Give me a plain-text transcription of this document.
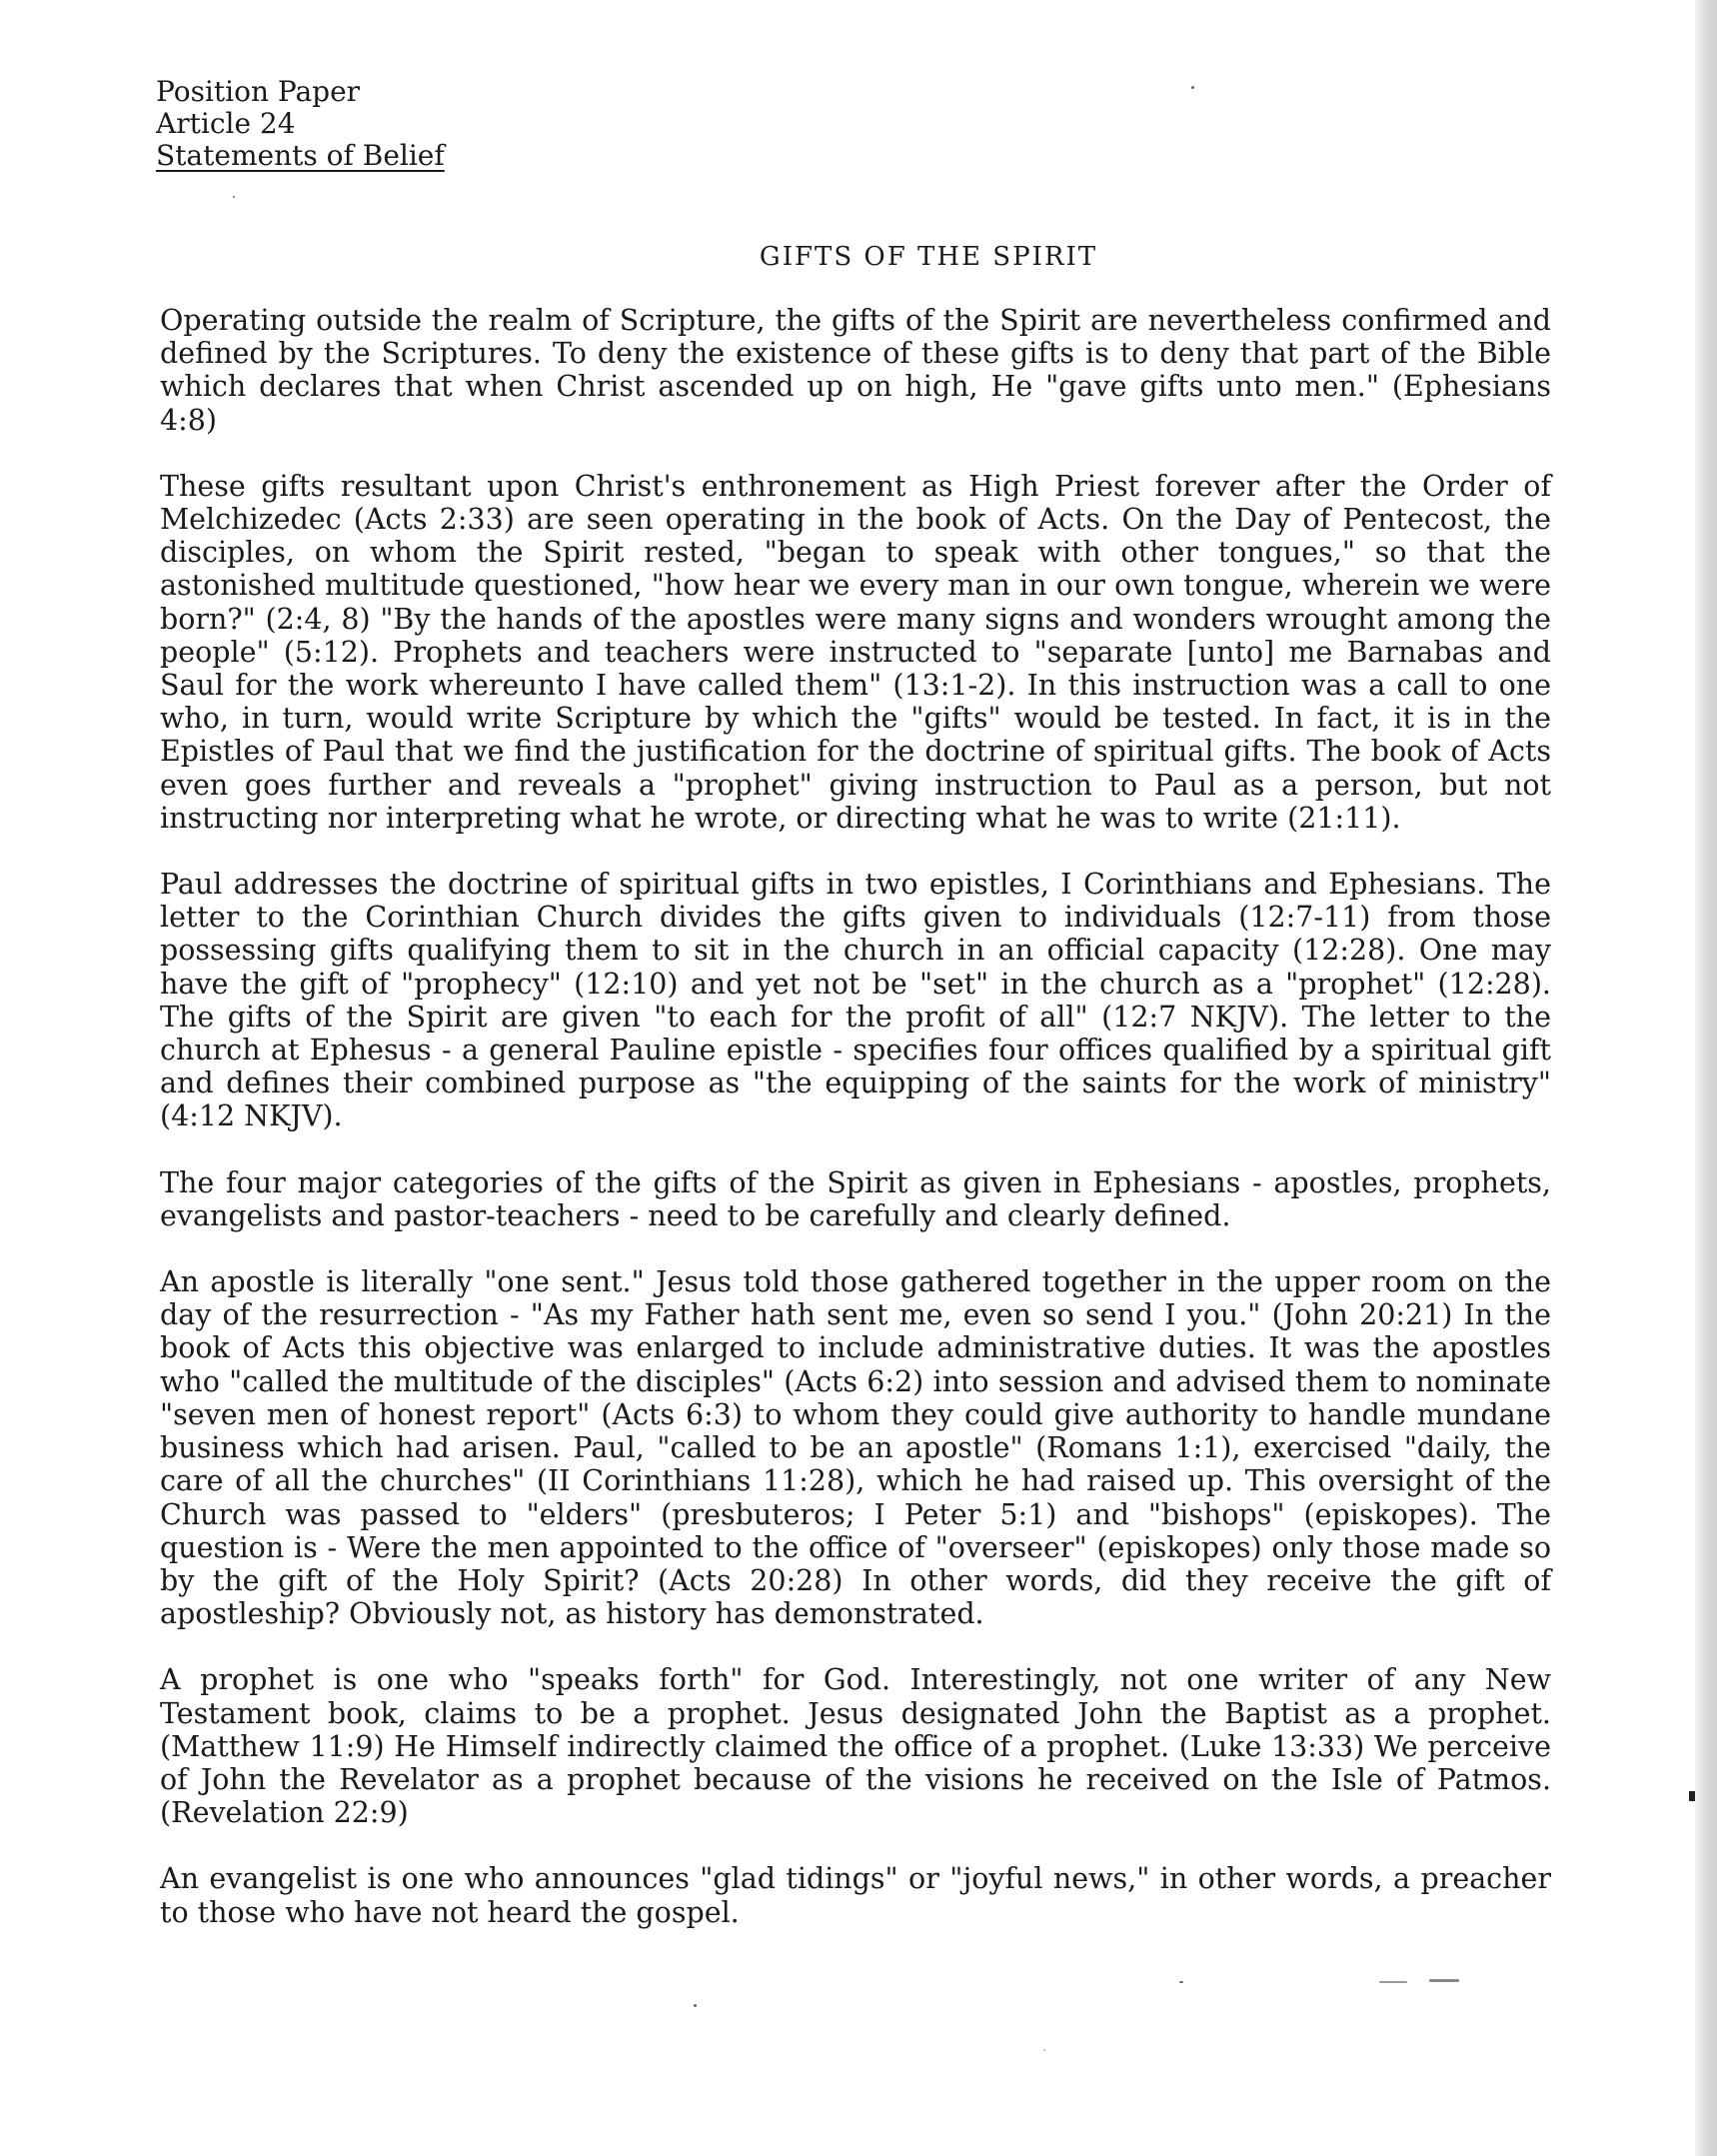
Position Paper
Article 24
Statements of Belief
GIFTS OF THE SPIRIT

Operating outside the realm of Scripture, the gifts of the Spirit are nevertheless confirmed and defined by the Scriptures. To deny the existence of these gifts is to deny that part of the Bible which declares that when Christ ascended up on high, He "gave gifts unto men." (Ephesians 4:8)

These gifts resultant upon Christ's enthronement as High Priest forever after the Order of Melchizedec (Acts 2:33) are seen operating in the book of Acts. On the Day of Pentecost, the disciples, on whom the Spirit rested, "began to speak with other tongues," so that the astonished multitude questioned, "how hear we every man in our own tongue, wherein we were born?" (2:4, 8) "By the hands of the apostles were many signs and wonders wrought among the people" (5:12). Prophets and teachers were instructed to "separate [unto] me Barnabas and Saul for the work whereunto I have called them" (13:1-2). In this instruction was a call to one who, in turn, would write Scripture by which the "gifts" would be tested. In fact, it is in the Epistles of Paul that we find the justification for the doctrine of spiritual gifts. The book of Acts even goes further and reveals a "prophet" giving instruction to Paul as a person, but not instructing nor interpreting what he wrote, or directing what he was to write (21:11).

Paul addresses the doctrine of spiritual gifts in two epistles, I Corinthians and Ephesians. The letter to the Corinthian Church divides the gifts given to individuals (12:7-11) from those possessing gifts qualifying them to sit in the church in an official capacity (12:28). One may have the gift of "prophecy" (12:10) and yet not be "set" in the church as a "prophet" (12:28). The gifts of the Spirit are given "to each for the profit of all" (12:7 NKJV). The letter to the church at Ephesus - a general Pauline epistle - specifies four offices qualified by a spiritual gift and defines their combined purpose as "the equipping of the saints for the work of ministry" (4:12 NKJV).

The four major categories of the gifts of the Spirit as given in Ephesians - apostles, prophets, evangelists and pastor-teachers - need to be carefully and clearly defined.

An apostle is literally "one sent." Jesus told those gathered together in the upper room on the day of the resurrection - "As my Father hath sent me, even so send I you." (John 20:21) In the book of Acts this objective was enlarged to include administrative duties. It was the apostles who "called the multitude of the disciples" (Acts 6:2) into session and advised them to nominate "seven men of honest report" (Acts 6:3) to whom they could give authority to handle mundane business which had arisen. Paul, "called to be an apostle" (Romans 1:1), exercised "daily, the care of all the churches" (II Corinthians 11:28), which he had raised up. This oversight of the Church was passed to "elders" (presbuteros; I Peter 5:1) and "bishops" (episkopes). The question is - Were the men appointed to the office of "overseer" (episkopes) only those made so by the gift of the Holy Spirit? (Acts 20:28) In other words, did they receive the gift of apostleship? Obviously not, as history has demonstrated.

A prophet is one who "speaks forth" for God. Interestingly, not one writer of any New Testament book, claims to be a prophet. Jesus designated John the Baptist as a prophet. (Matthew 11:9) He Himself indirectly claimed the office of a prophet. (Luke 13:33) We perceive of John the Revelator as a prophet because of the visions he received on the Isle of Patmos. (Revelation 22:9)

An evangelist is one who announces "glad tidings" or "joyful news," in other words, a preacher to those who have not heard the gospel.
